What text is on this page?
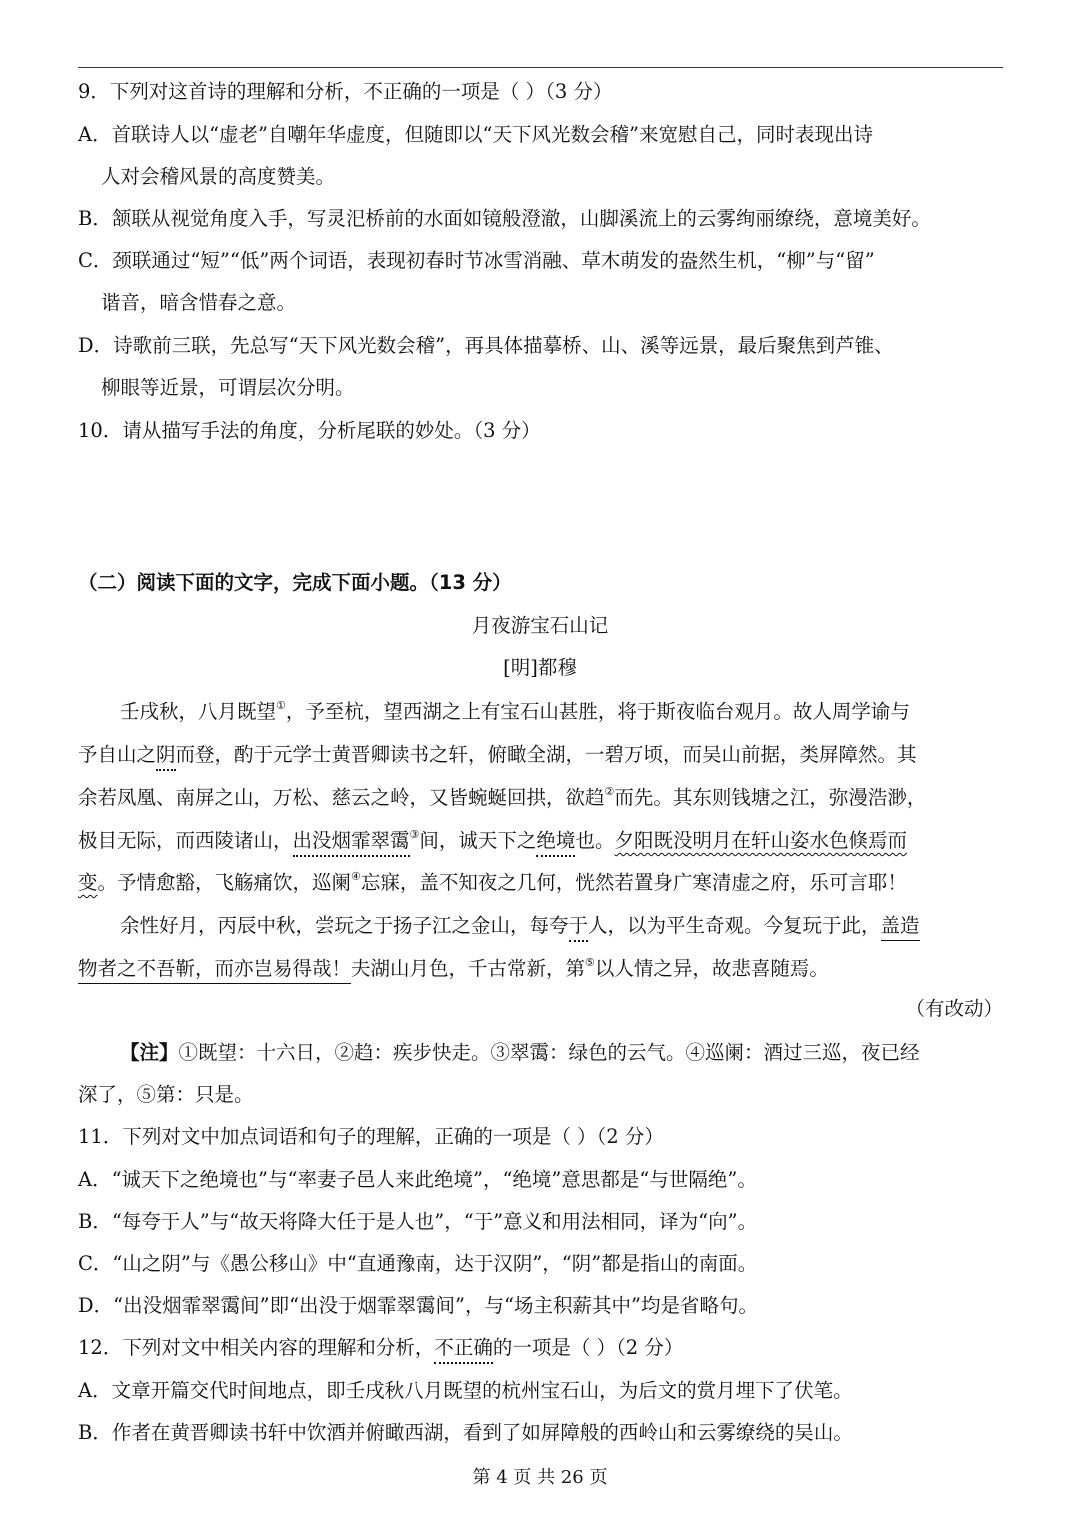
9．下列对这首诗的理解和分析，不正确的一项是（ ）（3 分）
A．首联诗人以“虚老”自嘲年华虚度，但随即以“天下风光数会稽”来宽慰自己，同时表现出诗
人对会稽风景的高度赞美。
B．颔联从视觉角度入手，写灵汜桥前的水面如镜般澄澈，山脚溪流上的云雾绚丽缭绕，意境美好。
C．颈联通过“短”“低”两个词语，表现初春时节冰雪消融、草木萌发的盎然生机，“柳”与“留”
谐音，暗含惜春之意。
D．诗歌前三联，先总写“天下风光数会稽”，再具体描摹桥、山、溪等远景，最后聚焦到芦锥、
柳眼等近景，可谓层次分明。
10．请从描写手法的角度，分析尾联的妙处。（3 分）
（二）阅读下面的文字，完成下面小题。（13 分）
月夜游宝石山记
[明]都穆
壬戌秋，八月既望①，予至杭，望西湖之上有宝石山甚胜，将于斯夜临台观月。故人周学谕与
予自山之阴而登，酌于元学士黄晋卿读书之轩，俯瞰全湖，一碧万顷，而吴山前据，类屏障然。其
余若凤凰、南屏之山，万松、慈云之岭，又皆蜿蜒回拱，欲趋②而先。其东则钱塘之江，弥漫浩渺，
极目无际，而西陵诸山，出没烟霏翠霭③间，诚天下之绝境也。夕阳既没明月在轩山姿水色倏焉而
变。予情愈豁，飞觞痛饮，巡阑④忘寐，盖不知夜之几何，恍然若置身广寒清虚之府，乐可言耶！
余性好月，丙辰中秋，尝玩之于扬子江之金山，每夸于人，以为平生奇观。今复玩于此，盖造
物者之不吾靳，而亦岂易得哉！夫湖山月色，千古常新，第⑤以人情之异，故悲喜随焉。
（有改动）
【注】①既望：十六日，②趋：疾步快走。③翠霭：绿色的云气。④巡阑：酒过三巡，夜已经
深了，⑤第：只是。
11．下列对文中加点词语和句子的理解，正确的一项是（ ）（2 分）
A．“诚天下之绝境也”与“率妻子邑人来此绝境”，“绝境”意思都是“与世隔绝”。
B．“每夸于人”与“故天将降大任于是人也”，“于”意义和用法相同，译为“向”。
C．“山之阴”与《愚公移山》中“直通豫南，达于汉阴”，“阴”都是指山的南面。
D．“出没烟霏翠霭间”即“出没于烟霏翠霭间”，与“场主积薪其中”均是省略句。
12．下列对文中相关内容的理解和分析，不正确的一项是（ ）（2 分）
A．文章开篇交代时间地点，即壬戌秋八月既望的杭州宝石山，为后文的赏月埋下了伏笔。
B．作者在黄晋卿读书轩中饮酒并俯瞰西湖，看到了如屏障般的西岭山和云雾缭绕的吴山。
第 4 页 共 26 页
